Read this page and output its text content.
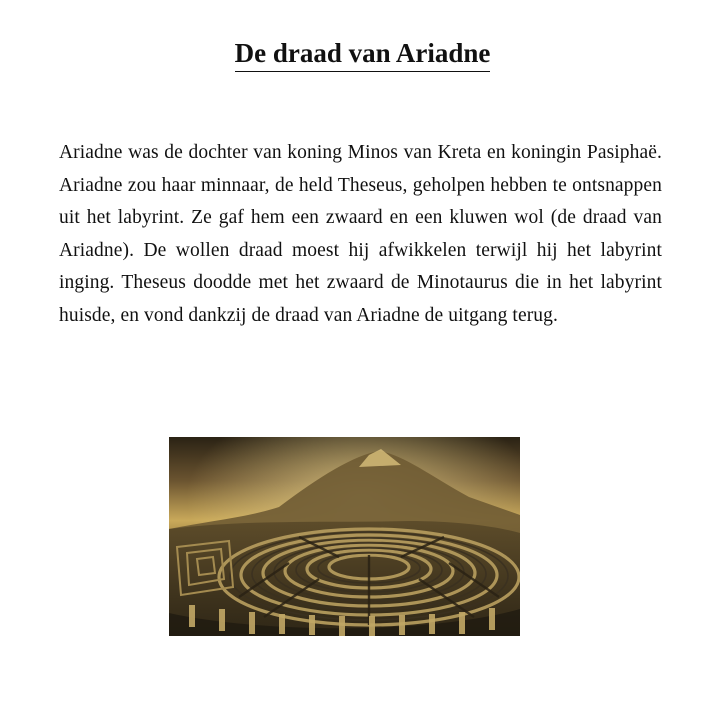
De draad van Ariadne

Ariadne was de dochter van koning Minos van Kreta en koningin Pasiphaë. Ariadne zou haar minnaar, de held Theseus, geholpen hebben te ontsnappen uit het labyrint. Ze gaf hem een zwaard en een kluwen wol (de draad van Ariadne). De wollen draad moest hij afwikkelen terwijl hij het labyrint inging. Theseus doodde met het zwaard de Minotaurus die in het labyrint huisde, en vond dankzij de draad van Ariadne de uitgang terug.
